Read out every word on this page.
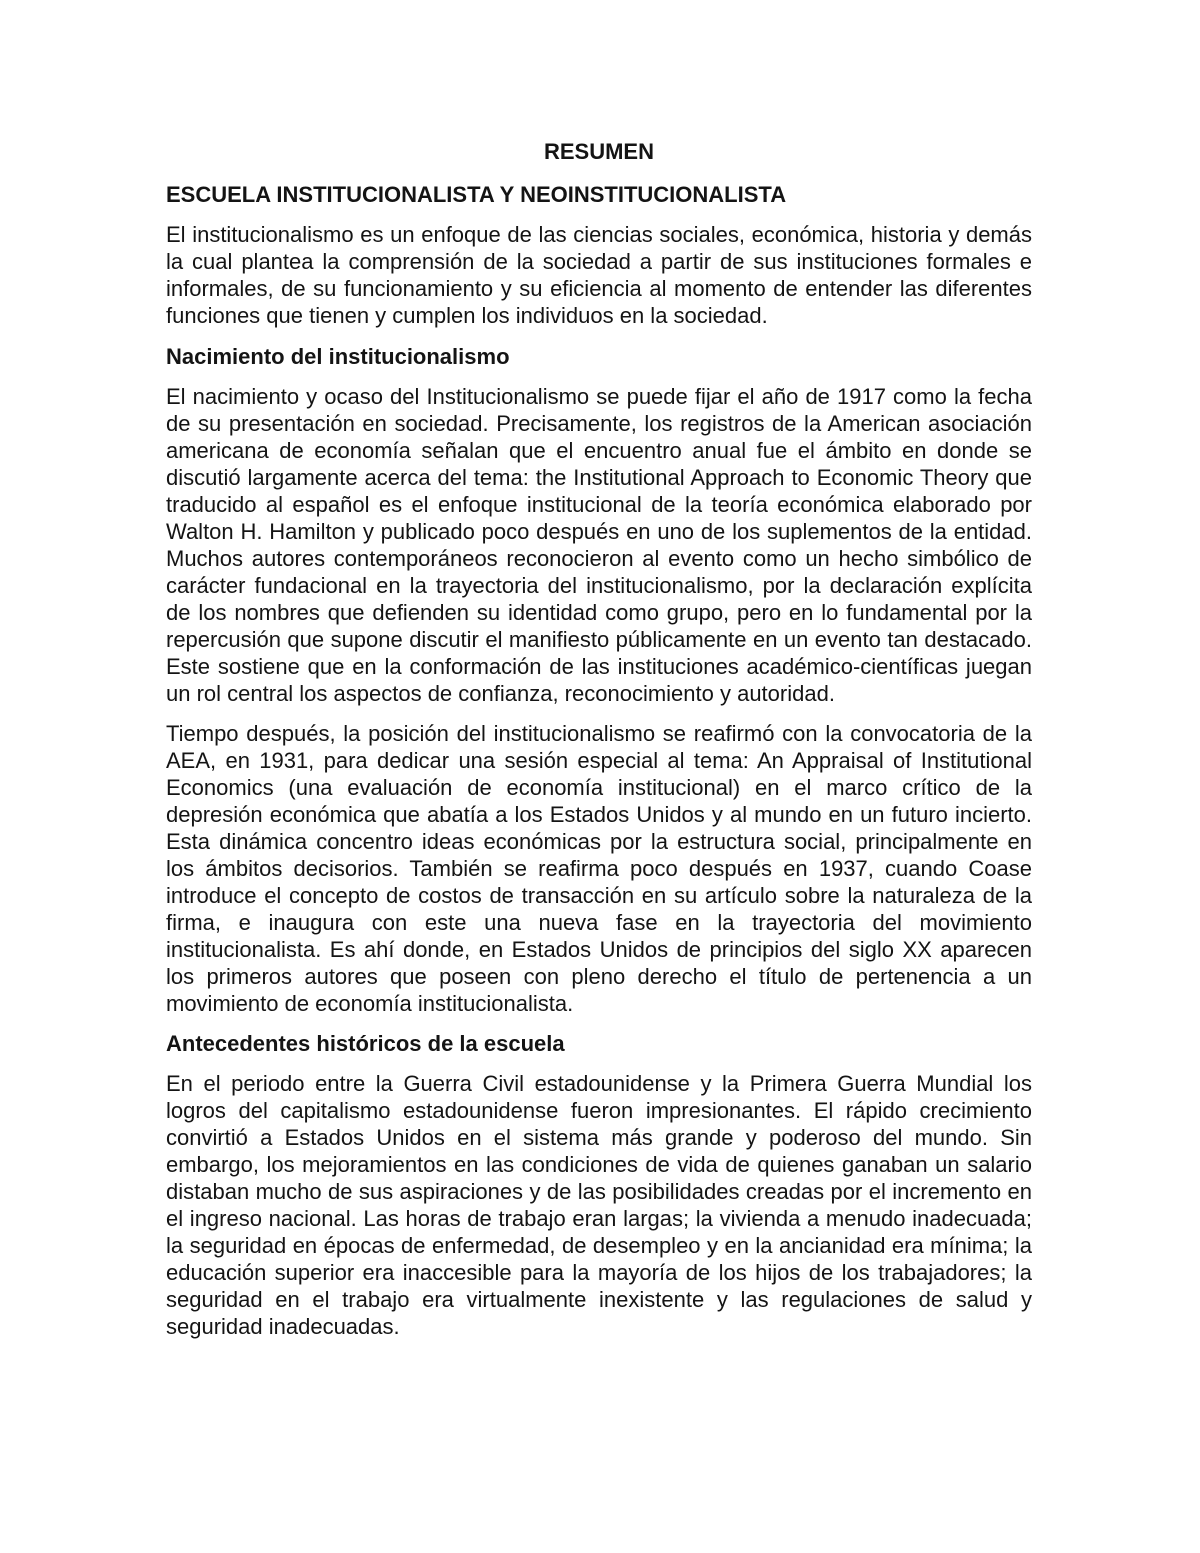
RESUMEN
ESCUELA INSTITUCIONALISTA Y NEOINSTITUCIONALISTA

El institucionalismo es un enfoque de las ciencias sociales, económica, historia y demás la cual plantea la comprensión de la sociedad a partir de sus instituciones formales e informales, de su funcionamiento y su eficiencia al momento de entender las diferentes funciones que tienen y cumplen los individuos en la sociedad.

Nacimiento del institucionalismo

El nacimiento y ocaso del Institucionalismo se puede fijar el año de 1917 como la fecha de su presentación en sociedad. Precisamente, los registros de la American asociación americana de economía señalan que el encuentro anual fue el ámbito en donde se discutió largamente acerca del tema: the Institutional Approach to Economic Theory que traducido al español es el enfoque institucional de la teoría económica elaborado por Walton H. Hamilton y publicado poco después en uno de los suplementos de la entidad. Muchos autores contemporáneos reconocieron al evento como un hecho simbólico de carácter fundacional en la trayectoria del institucionalismo, por la declaración explícita de los nombres que defienden su identidad como grupo, pero en lo fundamental por la repercusión que supone discutir el manifiesto públicamente en un evento tan destacado. Este sostiene que en la conformación de las instituciones académico-científicas juegan un rol central los aspectos de confianza, reconocimiento y autoridad.

Tiempo después, la posición del institucionalismo se reafirmó con la convocatoria de la AEA, en 1931, para dedicar una sesión especial al tema: An Appraisal of Institutional Economics (una evaluación de economía institucional) en el marco crítico de la depresión económica que abatía a los Estados Unidos y al mundo en un futuro incierto. Esta dinámica concentro ideas económicas por la estructura social, principalmente en los ámbitos decisorios. También se reafirma poco después en 1937, cuando Coase introduce el concepto de costos de transacción en su artículo sobre la naturaleza de la firma, e inaugura con este una nueva fase en la trayectoria del movimiento institucionalista. Es ahí donde, en Estados Unidos de principios del siglo XX aparecen los primeros autores que poseen con pleno derecho el título de pertenencia a un movimiento de economía institucionalista.

Antecedentes históricos de la escuela

En el periodo entre la Guerra Civil estadounidense y la Primera Guerra Mundial los logros del capitalismo estadounidense fueron impresionantes. El rápido crecimiento convirtió a Estados Unidos en el sistema más grande y poderoso del mundo. Sin embargo, los mejoramientos en las condiciones de vida de quienes ganaban un salario distaban mucho de sus aspiraciones y de las posibilidades creadas por el incremento en el ingreso nacional. Las horas de trabajo eran largas; la vivienda a menudo inadecuada; la seguridad en épocas de enfermedad, de desempleo y en la ancianidad era mínima; la educación superior era inaccesible para la mayoría de los hijos de los trabajadores; la seguridad en el trabajo era virtualmente inexistente y las regulaciones de salud y seguridad inadecuadas.
